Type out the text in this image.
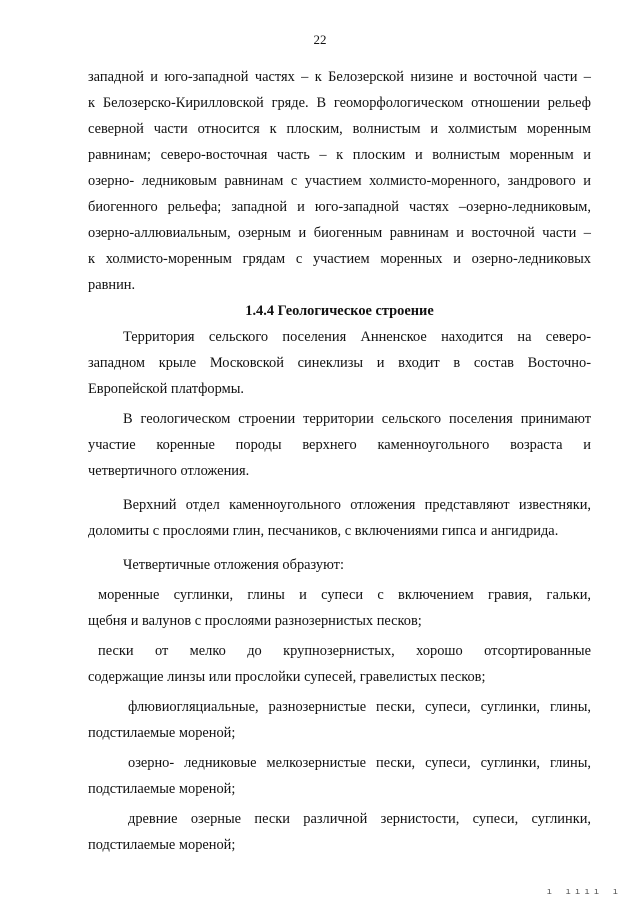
22
западной и юго-западной частях – к Белозерской низине и восточной части –
к Белозерско-Кирилловской гряде. В геоморфологическом отношении рельеф
северной части относится к плоским, волнистым и холмистым моренным
равнинам; северо-восточная часть – к плоским и волнистым моренным и
озерно- ледниковым равнинам с участием холмисто-моренного, зандрового и
биогенного рельефа; западной и юго-западной частях –озерно-ледниковым,
озерно-аллювиальным, озерным и биогенным равнинам и восточной части –
к холмисто-моренным грядам с участием моренных и озерно-ледниковых
равнин.
1.4.4 Геологическое строение
Территория сельского поселения Анненское находится на северо-
западном крыле Московской синеклизы и входит в состав Восточно-
Европейской платформы.
В геологическом строении территории сельского поселения принимают
участие коренные породы верхнего каменноугольного возраста и
четвертичного отложения.
Верхний отдел каменноугольного отложения представляют известняки,
доломиты с прослоями глин, песчаников, с включениями гипса и ангидрида.
Четвертичные отложения образуют:
моренные суглинки, глины и супеси с включением гравия, гальки,
щебня и валунов с прослоями разнозернистых песков;
пески от мелко до крупнозернистых, хорошо отсортированные
содержащие линзы или прослойки супесей, гравелистых песков;
флювиогляциальные, разнозернистые пески, супеси, суглинки, глины,
подстилаемые мореной;
озерно- ледниковые мелкозернистые пески, супеси, суглинки, глины,
подстилаемые мореной;
древние озерные пески различной зернистости, супеси, суглинки,
подстилаемые мореной;
ı ıııı ı
